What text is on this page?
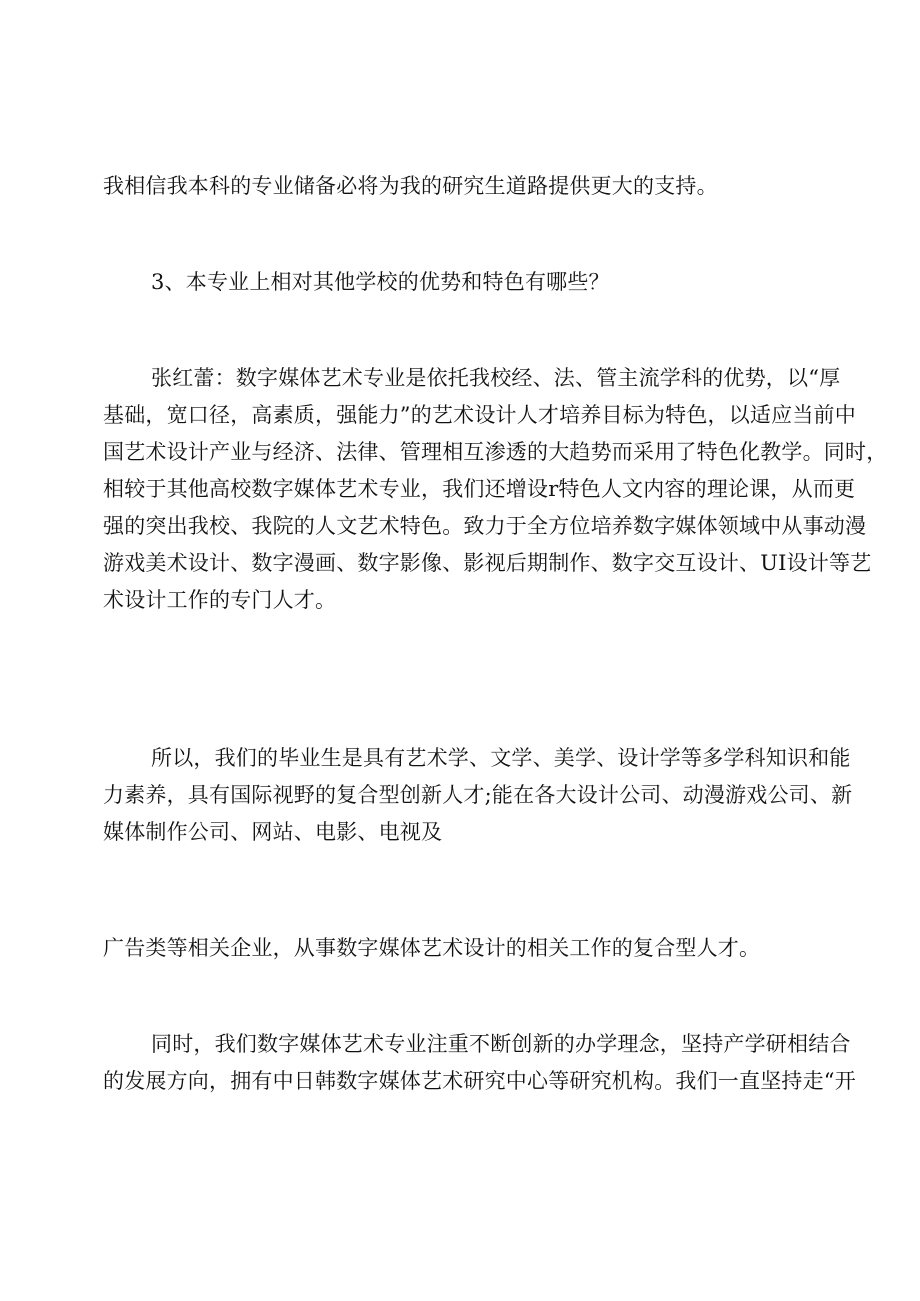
我相信我本科的专业储备必将为我的研究生道路提供更大的支持。

3、本专业上相对其他学校的优势和特色有哪些？

张红蕾：数字媒体艺术专业是依托我校经、法、管主流学科的优势，以“厚

基础，宽口径，高素质，强能力”的艺术设计人才培养目标为特色，以适应当前中

国艺术设计产业与经济、法律、管理相互渗透的大趋势而采用了特色化教学。同时，

相较于其他高校数字媒体艺术专业，我们还增设r特色人文内容的理论课，从而更

强的突出我校、我院的人文艺术特色。致力于全方位培养数字媒体领域中从事动漫

游戏美术设计、数字漫画、数字影像、影视后期制作、数字交互设计、UI设计等艺

术设计工作的专门人才。

所以，我们的毕业生是具有艺术学、文学、美学、设计学等多学科知识和能

力素养，具有国际视野的复合型创新人才;能在各大设计公司、动漫游戏公司、新

媒体制作公司、网站、电影、电视及

广告类等相关企业，从事数字媒体艺术设计的相关工作的复合型人才。

同时，我们数字媒体艺术专业注重不断创新的办学理念，坚持产学研相结合

的发展方向，拥有中日韩数字媒体艺术研究中心等研究机构。我们一直坚持走“开
